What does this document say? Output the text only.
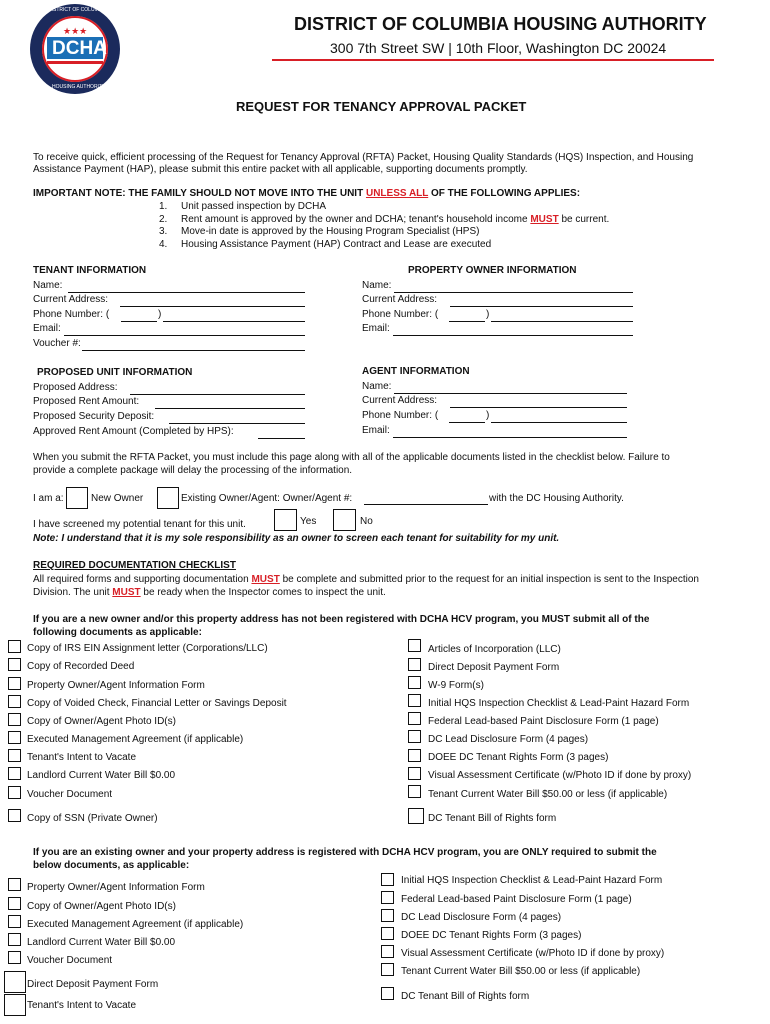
★★★
DCHA
DISTRICT OF COLUMBIA
HOUSING AUTHORITY
DISTRICT OF COLUMBIA HOUSING AUTHORITY
300 7th Street SW | 10th Floor, Washington DC 20024
REQUEST FOR TENANCY APPROVAL PACKET
To receive quick, efficient processing of the Request for Tenancy Approval (RFTA) Packet, Housing Quality Standards (HQS) Inspection, and Housing
Assistance Payment (HAP), please submit this entire packet with all applicable, supporting documents promptly.
IMPORTANT NOTE: THE FAMILY SHOULD NOT MOVE INTO THE UNIT UNLESS ALL OF THE FOLLOWING APPLIES:
1.
2.
3.
4.
Unit passed inspection by DCHA
Rent amount is approved by the owner and DCHA; tenant's household income MUST be current.
Move-in date is approved by the Housing Program Specialist (HPS)
Housing Assistance Payment (HAP) Contract and Lease are executed
TENANT INFORMATION
Name:
Current Address:
Phone Number: (	)
Email:
Voucher #:
PROPERTY OWNER INFORMATION
Name:
Current Address:
Phone Number: (	)
Email:
PROPOSED UNIT INFORMATION
Proposed Address:
Proposed Rent Amount:
Proposed Security Deposit:
Approved Rent Amount (Completed by HPS):
AGENT INFORMATION
Name:
Current Address:
Phone Number: (	)
Email:
When you submit the RFTA Packet, you must include this page along with all of the applicable documents listed in the checklist below. Failure to
provide a complete package will delay the processing of the information.
I am a:	New Owner	Existing Owner/Agent: Owner/Agent #:	with the DC Housing Authority.
I have screened my potential tenant for this unit.	Yes	No
Note: I understand that it is my sole responsibility as an owner to screen each tenant for suitability for my unit.
REQUIRED DOCUMENTATION CHECKLIST
All required forms and supporting documentation MUST be complete and submitted prior to the request for an initial inspection is sent to the Inspection
Division. The unit MUST be ready when the Inspector comes to inspect the unit.
If you are a new owner and/or this property address has not been registered with DCHA HCV program, you MUST submit all of the
following documents as applicable:
Copy of IRS EIN Assignment letter (Corporations/LLC)
Copy of Recorded Deed
Property Owner/Agent Information Form
Copy of Voided Check, Financial Letter or Savings Deposit
Copy of Owner/Agent Photo ID(s)
Executed Management Agreement (if applicable)
Tenant's Intent to Vacate
Landlord Current Water Bill $0.00
Voucher Document
Copy of SSN (Private Owner)
Articles of Incorporation (LLC)
Direct Deposit Payment Form
W-9 Form(s)
Initial HQS Inspection Checklist & Lead-Paint Hazard Form
Federal Lead-based Paint Disclosure Form (1 page)
DC Lead Disclosure Form (4 pages)
DOEE DC Tenant Rights Form (3 pages)
Visual Assessment Certificate (w/Photo ID if done by proxy)
Tenant Current Water Bill $50.00 or less (if applicable)
DC Tenant Bill of Rights form
If you are an existing owner and your property address is registered with DCHA HCV program, you are ONLY required to submit the
below documents, as applicable:
Property Owner/Agent Information Form
Copy of Owner/Agent Photo ID(s)
Executed Management Agreement (if applicable)
Landlord Current Water Bill $0.00
Voucher Document
Direct Deposit Payment Form
Tenant's Intent to Vacate
Initial HQS Inspection Checklist & Lead-Paint Hazard Form
Federal Lead-based Paint Disclosure Form (1 page)
DC Lead Disclosure Form (4 pages)
DOEE DC Tenant Rights Form (3 pages)
Visual Assessment Certificate (w/Photo ID if done by proxy)
Tenant Current Water Bill $50.00 or less (if applicable)
DC Tenant Bill of Rights form
